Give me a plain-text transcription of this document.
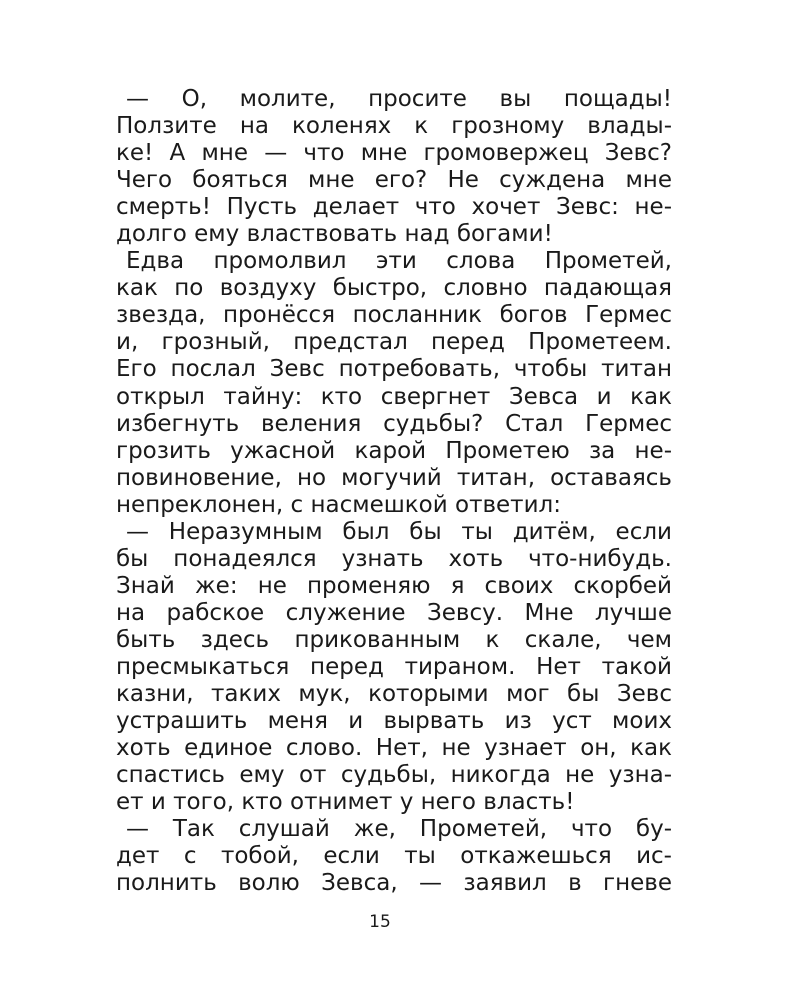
— О, молите, просите вы пощады!
Ползите на коленях к грозному влады-
ке! А мне — что мне громовержец Зевс?
Чего бояться мне его? Не суждена мне
смерть! Пусть делает что хочет Зевс: не-
долго ему властвовать над богами!
Едва промолвил эти слова Прометей,
как по воздуху быстро, словно падающая
звезда, пронёсся посланник богов Гермес
и, грозный, предстал перед Прометеем.
Его послал Зевс потребовать, чтобы титан
открыл тайну: кто свергнет Зевса и как
избегнуть веления судьбы? Стал Гермес
грозить ужасной карой Прометею за не-
повиновение, но могучий титан, оставаясь
непреклонен, с насмешкой ответил:
— Неразумным был бы ты дитём, если
бы понадеялся узнать хоть что-нибудь.
Знай же: не променяю я своих скорбей
на рабское служение Зевсу. Мне лучше
быть здесь прикованным к скале, чем
пресмыкаться перед тираном. Нет такой
казни, таких мук, которыми мог бы Зевс
устрашить меня и вырвать из уст моих
хоть единое слово. Нет, не узнает он, как
спастись ему от судьбы, никогда не узна-
ет и того, кто отнимет у него власть!
— Так слушай же, Прометей, что бу-
дет с тобой, если ты откажешься ис-
полнить волю Зевса, — заявил в гневе
15
